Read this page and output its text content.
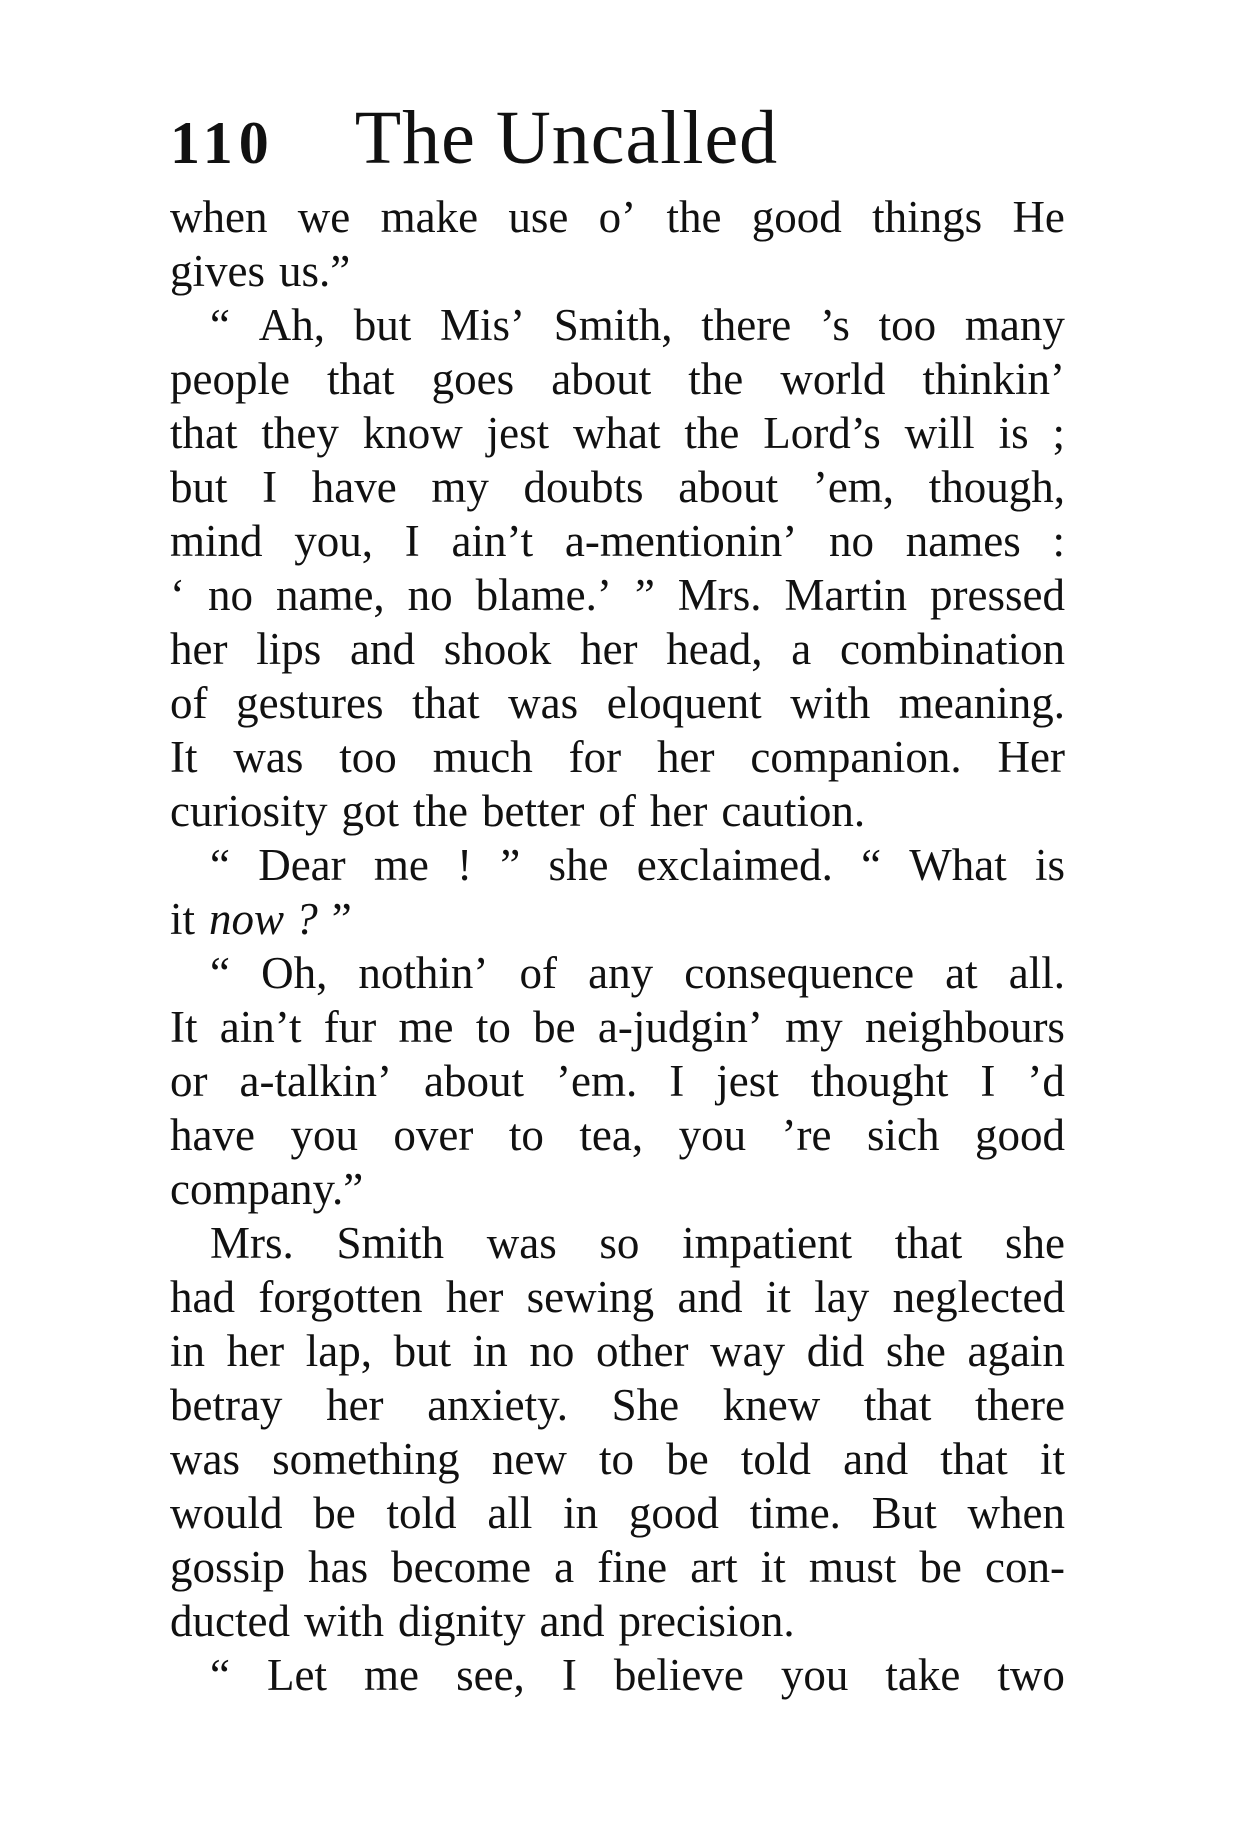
110 The Uncalled
when we make use o’ the good things He
gives us.”
“ Ah, but Mis’ Smith, there ’s too many
people that goes about the world thinkin’
that they know jest what the Lord’s will is ;
but I have my doubts about ’em, though,
mind you, I ain’t a-mentionin’ no names :
‘ no name, no blame.’ ” Mrs. Martin pressed
her lips and shook her head, a combination
of gestures that was eloquent with meaning.
It was too much for her companion. Her
curiosity got the better of her caution.
“ Dear me ! ” she exclaimed. “ What is
it now ? ”
“ Oh, nothin’ of any consequence at all.
It ain’t fur me to be a-judgin’ my neighbours
or a-talkin’ about ’em. I jest thought I ’d
have you over to tea, you ’re sich good
company.”
Mrs. Smith was so impatient that she
had forgotten her sewing and it lay neglected
in her lap, but in no other way did she again
betray her anxiety. She knew that there
was something new to be told and that it
would be told all in good time. But when
gossip has become a fine art it must be con-
ducted with dignity and precision.
“ Let me see, I believe you take two
